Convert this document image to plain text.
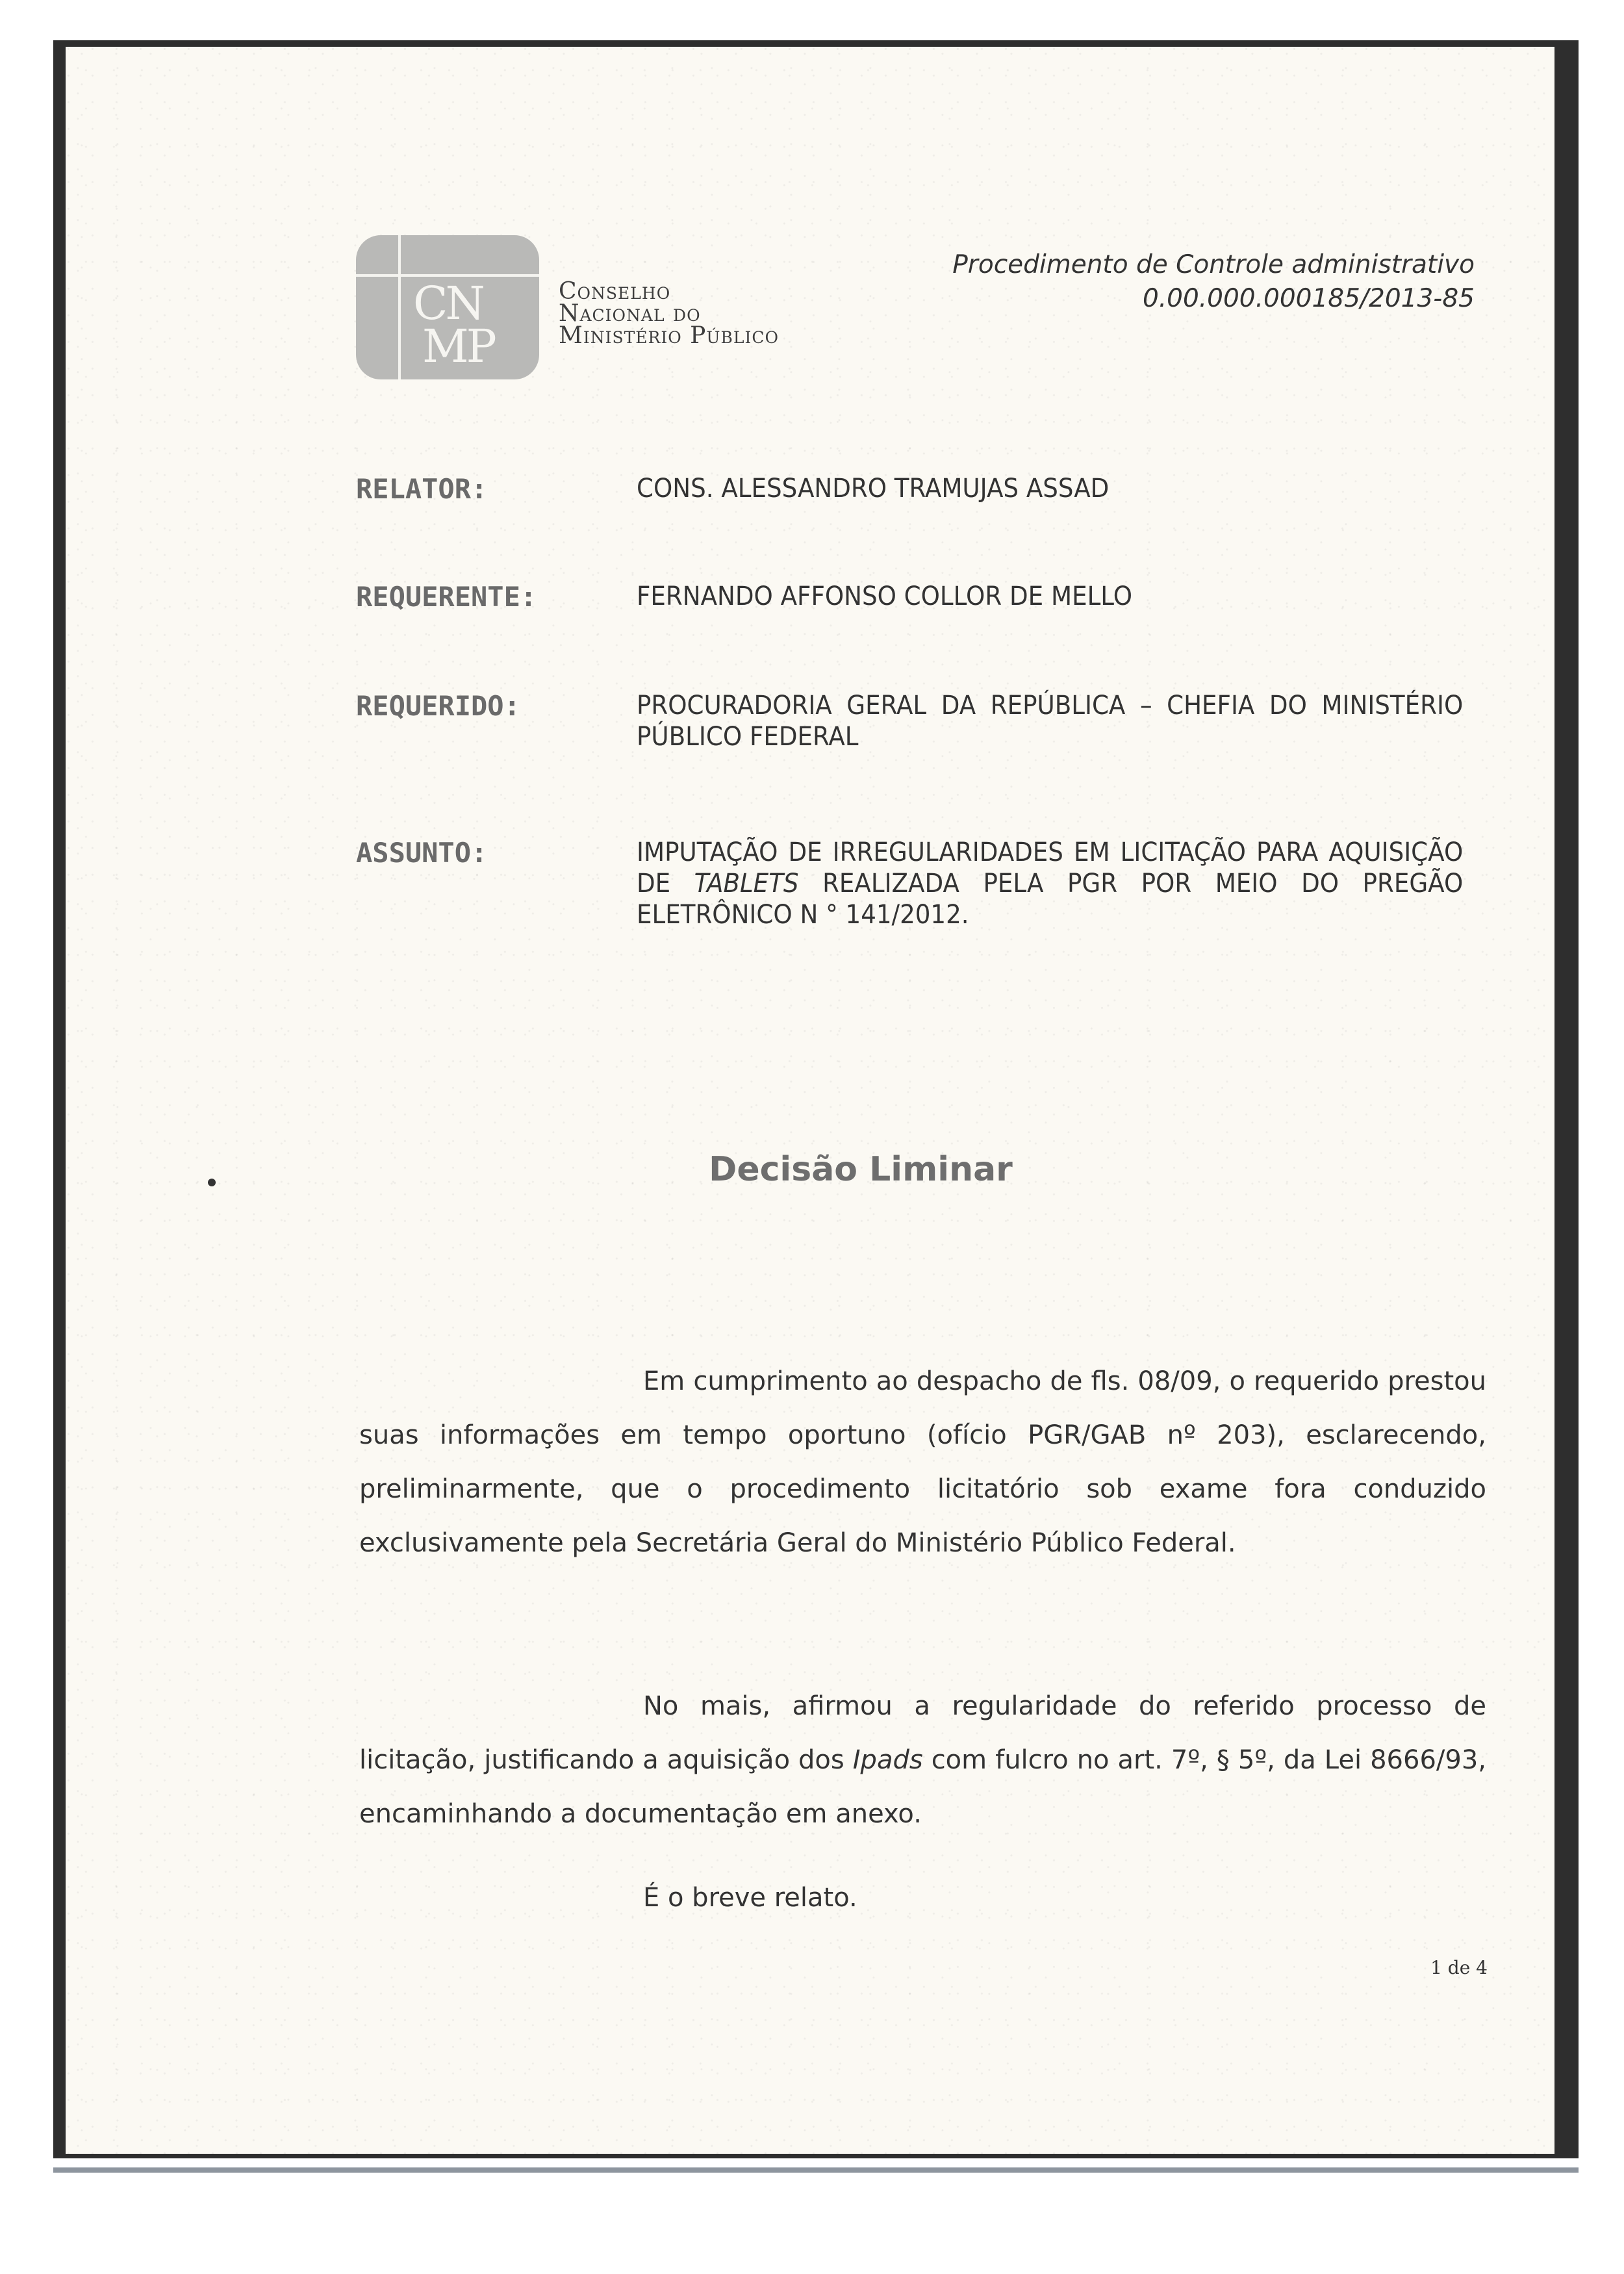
CN
MP
Conselho
Nacional do
Ministério Público
Procedimento de Controle administrativo
0.00.000.000185/2013-85
RELATOR:	CONS. ALESSANDRO TRAMUJAS ASSAD
REQUERENTE:	FERNANDO AFFONSO COLLOR DE MELLO
REQUERIDO:	PROCURADORIA GERAL DA REPÚBLICA – CHEFIA DO MINISTÉRIO PÚBLICO FEDERAL
ASSUNTO:	IMPUTAÇÃO DE IRREGULARIDADES EM LICITAÇÃO PARA AQUISIÇÃO DE TABLETS REALIZADA PELA PGR POR MEIO DO PREGÃO ELETRÔNICO N ° 141/2012.
Decisão Liminar

Em cumprimento ao despacho de fls. 08/09, o requerido prestou suas informações em tempo oportuno (ofício PGR/GAB nº 203), esclarecendo, preliminarmente, que o procedimento licitatório sob exame fora conduzido exclusivamente pela Secretária Geral do Ministério Público Federal.

No mais, afirmou a regularidade do referido processo de licitação, justificando a aquisição dos Ipads com fulcro no art. 7º, § 5º, da Lei 8666/93, encaminhando a documentação em anexo.

É o breve relato.

1 de 4
